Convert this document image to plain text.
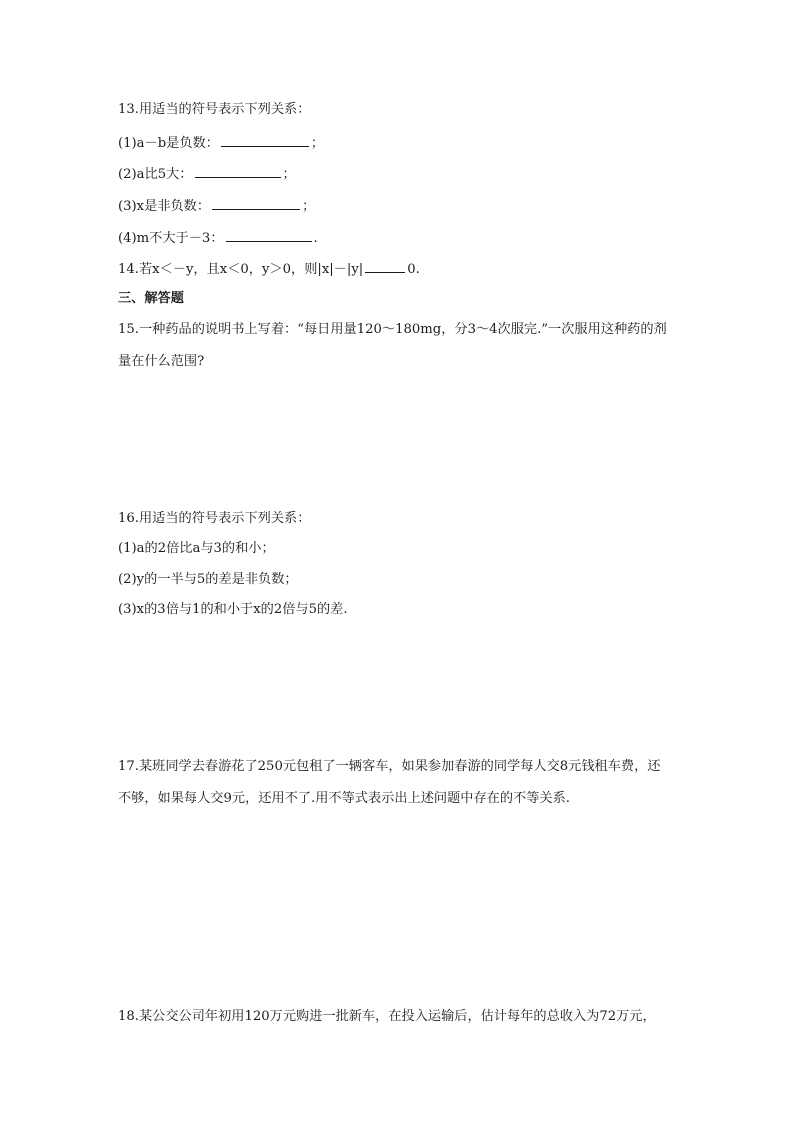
13.用适当的符号表示下列关系：
(1)a－b是负数：	；
(2)a比5大：	；
(3)x是非负数：	；
(4)m不大于－3：	.
14.若x＜－y，且x＜0，y＞0，则|x|－|y|	0.
三、解答题
15.一种药品的说明书上写着：“每日用量120～180mg，分3～4次服完.”一次服用这种药的剂
量在什么范围?
16.用适当的符号表示下列关系：
(1)a的2倍比a与3的和小；
(2)y的一半与5的差是非负数；
(3)x的3倍与1的和小于x的2倍与5的差.
17.某班同学去春游花了250元包租了一辆客车，如果参加春游的同学每人交8元钱租车费，还
不够，如果每人交9元，还用不了.用不等式表示出上述问题中存在的不等关系.
18.某公交公司年初用120万元购进一批新车，在投入运输后，估计每年的总收入为72万元，
